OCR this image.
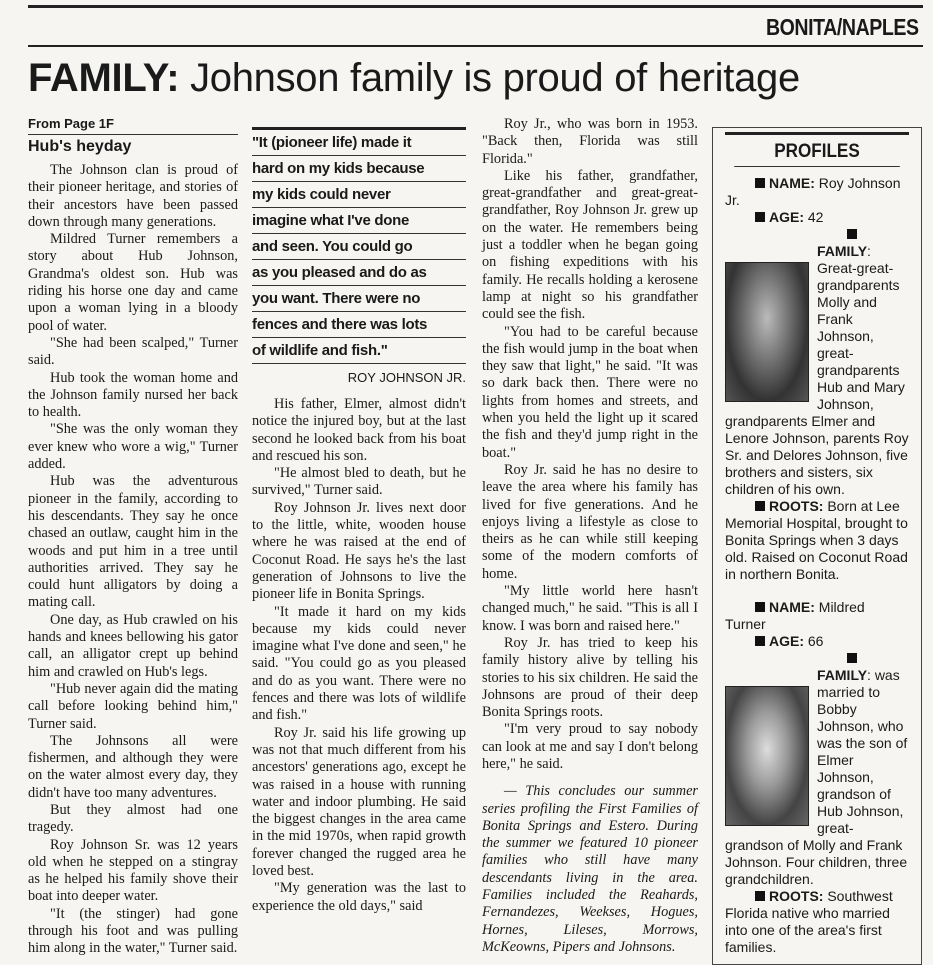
BONITA/NAPLES
FAMILY: Johnson family is proud of heritage
From Page 1F
Hub's heyday

The Johnson clan is proud of their pioneer heritage, and stories of their ancestors have been passed down through many generations.

Mildred Turner remembers a story about Hub Johnson, Grandma's oldest son. Hub was riding his horse one day and came upon a woman lying in a bloody pool of water.

"She had been scalped," Turner said.

Hub took the woman home and the Johnson family nursed her back to health.

"She was the only woman they ever knew who wore a wig," Turner added.

Hub was the adventurous pioneer in the family, according to his descendants. They say he once chased an outlaw, caught him in the woods and put him in a tree until authorities arrived. They say he could hunt alligators by doing a mating call.

One day, as Hub crawled on his hands and knees bellowing his gator call, an alligator crept up behind him and crawled on Hub's legs.

"Hub never again did the mating call before looking behind him," Turner said.

The Johnsons all were fishermen, and although they were on the water almost every day, they didn't have too many adventures.

But they almost had one tragedy.

Roy Johnson Sr. was 12 years old when he stepped on a stingray as he helped his family shove their boat into deeper water.

"It (the stinger) had gone through his foot and was pulling him along in the water," Turner said.

"It (pioneer life) made it
hard on my kids because
my kids could never
imagine what I've done
and seen. You could go
as you pleased and do as
you want. There were no
fences and there was lots
of wildlife and fish."
ROY JOHNSON JR.

His father, Elmer, almost didn't notice the injured boy, but at the last second he looked back from his boat and rescued his son.

"He almost bled to death, but he survived," Turner said.

Roy Johnson Jr. lives next door to the little, white, wooden house where he was raised at the end of Coconut Road. He says he's the last generation of Johnsons to live the pioneer life in Bonita Springs.

"It made it hard on my kids because my kids could never imagine what I've done and seen," he said. "You could go as you pleased and do as you want. There were no fences and there was lots of wildlife and fish."

Roy Jr. said his life growing up was not that much different from his ancestors' generations ago, except he was raised in a house with running water and indoor plumbing. He said the biggest changes in the area came in the mid 1970s, when rapid growth forever changed the rugged area he loved best.

"My generation was the last to experience the old days," said

Roy Jr., who was born in 1953. "Back then, Florida was still Florida."

Like his father, grandfather, great-grandfather and great-great-grandfather, Roy Johnson Jr. grew up on the water. He remembers being just a toddler when he began going on fishing expeditions with his family. He recalls holding a kerosene lamp at night so his grandfather could see the fish.

"You had to be careful because the fish would jump in the boat when they saw that light," he said. "It was so dark back then. There were no lights from homes and streets, and when you held the light up it scared the fish and they'd jump right in the boat."

Roy Jr. said he has no desire to leave the area where his family has lived for five generations. And he enjoys living a lifestyle as close to theirs as he can while still keeping some of the modern comforts of home.

"My little world here hasn't changed much," he said. "This is all I know. I was born and raised here."

Roy Jr. has tried to keep his family history alive by telling his stories to his six children. He said the Johnsons are proud of their deep Bonita Springs roots.

"I'm very proud to say nobody can look at me and say I don't belong here," he said.

— This concludes our summer series profiling the First Families of Bonita Springs and Estero. During the summer we featured 10 pioneer families who still have many descendants living in the area. Families included the Reahards, Fernandezes, Weekses, Hogues, Hornes, Lileses, Morrows, McKeowns, Pipers and Johnsons.

PROFILES

NAME: Roy Johnson Jr.

AGE: 42

FAMILY: Great-great-grandparents Molly and Frank Johnson, great-grandparents Hub and Mary Johnson, grandparents Elmer and Lenore Johnson, parents Roy Sr. and Delores Johnson, five brothers and sisters, six children of his own.

ROOTS: Born at Lee Memorial Hospital, brought to Bonita Springs when 3 days old. Raised on Coconut Road in northern Bonita.

NAME: Mildred Turner

AGE: 66

FAMILY: was married to Bobby Johnson, who was the son of Elmer Johnson, grandson of Hub Johnson, great-grandson of Molly and Frank Johnson. Four children, three grandchildren.

ROOTS: Southwest Florida native who married into one of the area's first families.
